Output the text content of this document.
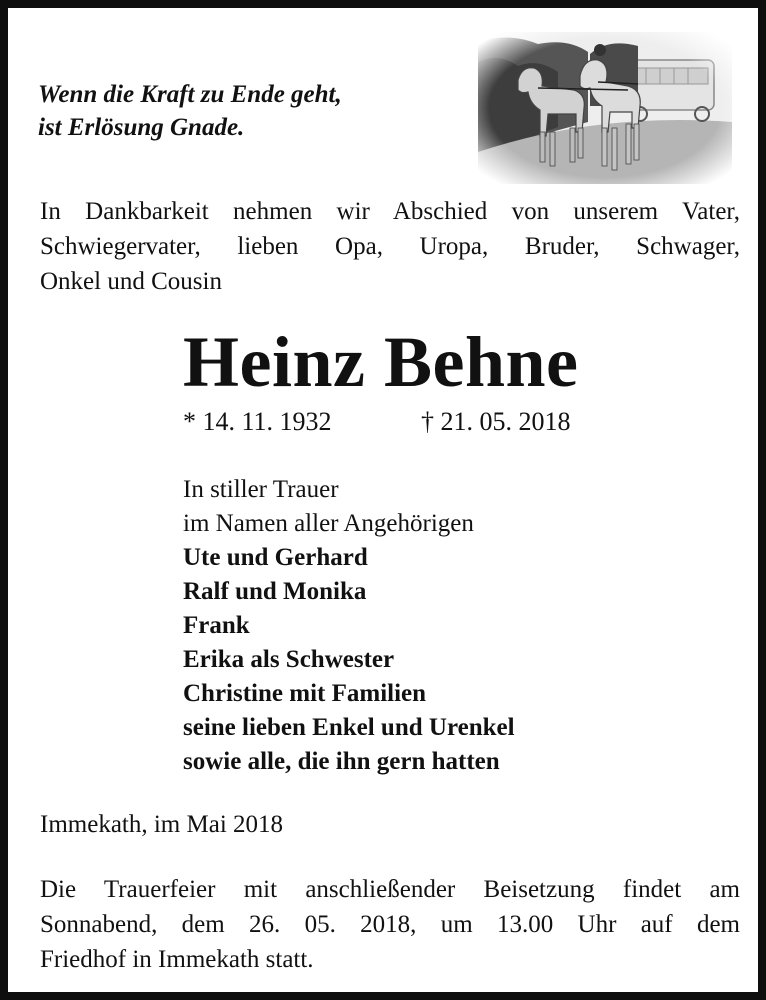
Wenn die Kraft zu Ende geht,
ist Erlösung Gnade.
In Dankbarkeit nehmen wir Abschied von unserem Vater,
Schwiegervater, lieben Opa, Uropa, Bruder, Schwager,
Onkel und Cousin
Heinz Behne
* 14. 11. 1932	† 21. 05. 2018
In stiller Trauer
im Namen aller Angehörigen
Ute und Gerhard
Ralf und Monika
Frank
Erika als Schwester
Christine mit Familien
seine lieben Enkel und Urenkel
sowie alle, die ihn gern hatten
Immekath, im Mai 2018
Die Trauerfeier mit anschließender Beisetzung findet am
Sonnabend, dem 26. 05. 2018, um 13.00 Uhr auf dem
Friedhof in Immekath statt.
